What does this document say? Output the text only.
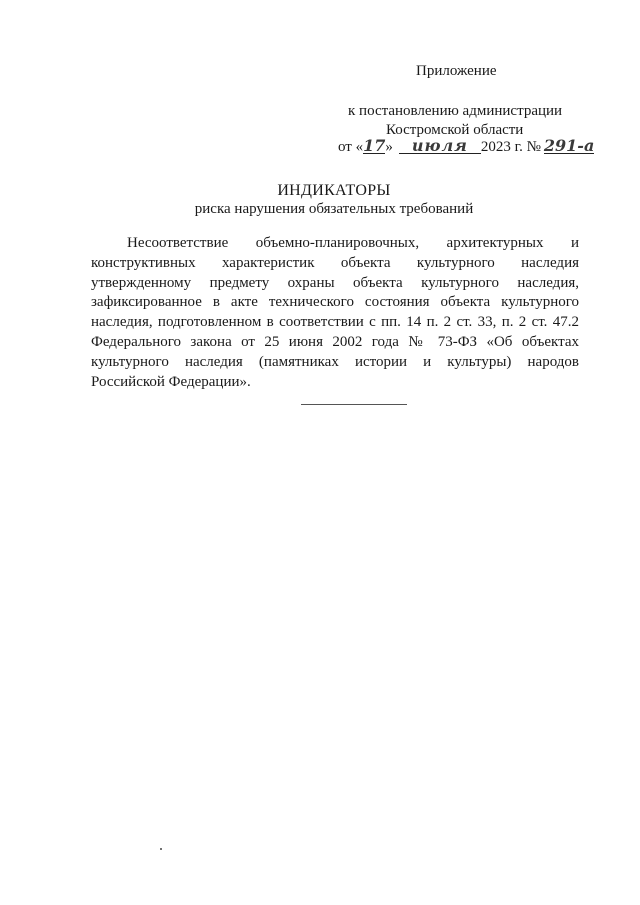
Приложение
к постановлению администрации
Костромской области
от « 17 »	июля 2023 г. № 291-а
ИНДИКАТОРЫ
риска нарушения обязательных требований

Несоответствие объемно-планировочных, архитектурных и конструктивных характеристик объекта культурного наследия утвержденному предмету охраны объекта культурного наследия, зафиксированное в акте технического состояния объекта культурного наследия, подготовленном в соответствии с пп. 14 п. 2 ст. 33, п. 2 ст. 47.2 Федерального закона от 25 июня 2002 года № 73-ФЗ «Об объектах культурного наследия (памятниках истории и культуры) народов Российской Федерации».
